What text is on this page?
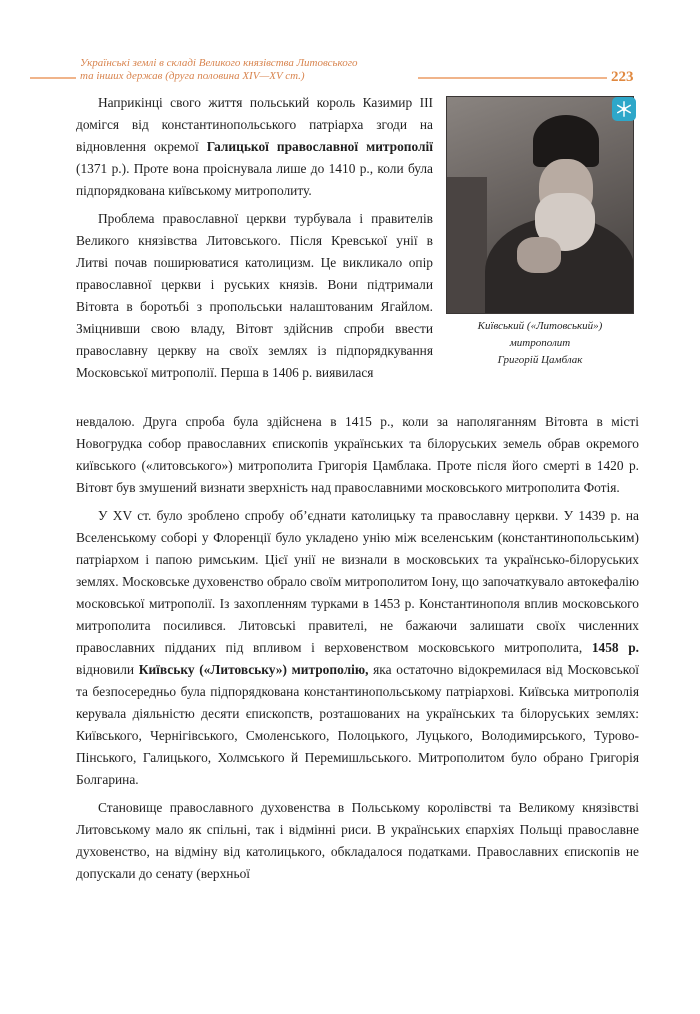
Українські землі в складі Великого князівства Литовського
та інших держав (друга половина XIV—XV ст.)	223
Київський («Литовський»)
митрополит
Григорій Цамблак

Наприкінці свого життя польський король Казимир III домігся від константинопольського патріарха згоди на відновлення окремої Галицької православної митрополії (1371 р.). Проте вона проіснувала лише до 1410 р., коли була підпорядкована київському митрополиту.

Проблема православної церкви турбувала і правителів Великого князівства Литовського. Після Кревської унії в Литві почав поширюватися католицизм. Це викликало опір православної церкви і руських князів. Вони підтримали Вітовта в боротьбі з пропольськи налаштованим Ягайлом. Зміцнивши свою владу, Вітовт здійснив спроби ввести православну церкву на своїх землях із підпорядкування Московської митрополії. Перша в 1406 р. виявилася

невдалою. Друга спроба була здійснена в 1415 р., коли за наполяганням Вітовта в місті Новогрудка собор православних єпископів українських та білоруських земель обрав окремого київського («литовського») митрополита Григорія Цамблака. Проте після його смерті в 1420 р. Вітовт був змушений визнати зверхність над православними московського митрополита Фотія.

У XV ст. було зроблено спробу об’єднати католицьку та православну церкви. У 1439 р. на Вселенському соборі у Флоренції було укладено унію між вселенським (константинопольським) патріархом і папою римським. Цієї унії не визнали в московських та українсько-білоруських землях. Московське духовенство обрало своїм митрополитом Іону, що започаткувало автокефалію московської митрополії. Із захопленням турками в 1453 р. Константинополя вплив московського митрополита посилився. Литовські правителі, не бажаючи залишати своїх численних православних підданих під впливом і верховенством московського митрополита, 1458 р. відновили Київську («Литовську») митрополію, яка остаточно відокремилася від Московської та безпосередньо була підпорядкована константинопольському патріархові. Київська митрополія керувала діяльністю десяти єпископств, розташованих на українських та білоруських землях: Київського, Чернігівського, Смоленського, Полоцького, Луцького, Володимирського, Турово-Пінського, Галицького, Холмського й Перемишльського. Митрополитом було обрано Григорія Болгарина.

Становище православного духовенства в Польському королівстві та Великому князівстві Литовському мало як спільні, так і відмінні риси. В українських єпархіях Польщі православне духовенство, на відміну від католицького, обкладалося податками. Православних єпископів не допускали до сенату (верхньої
